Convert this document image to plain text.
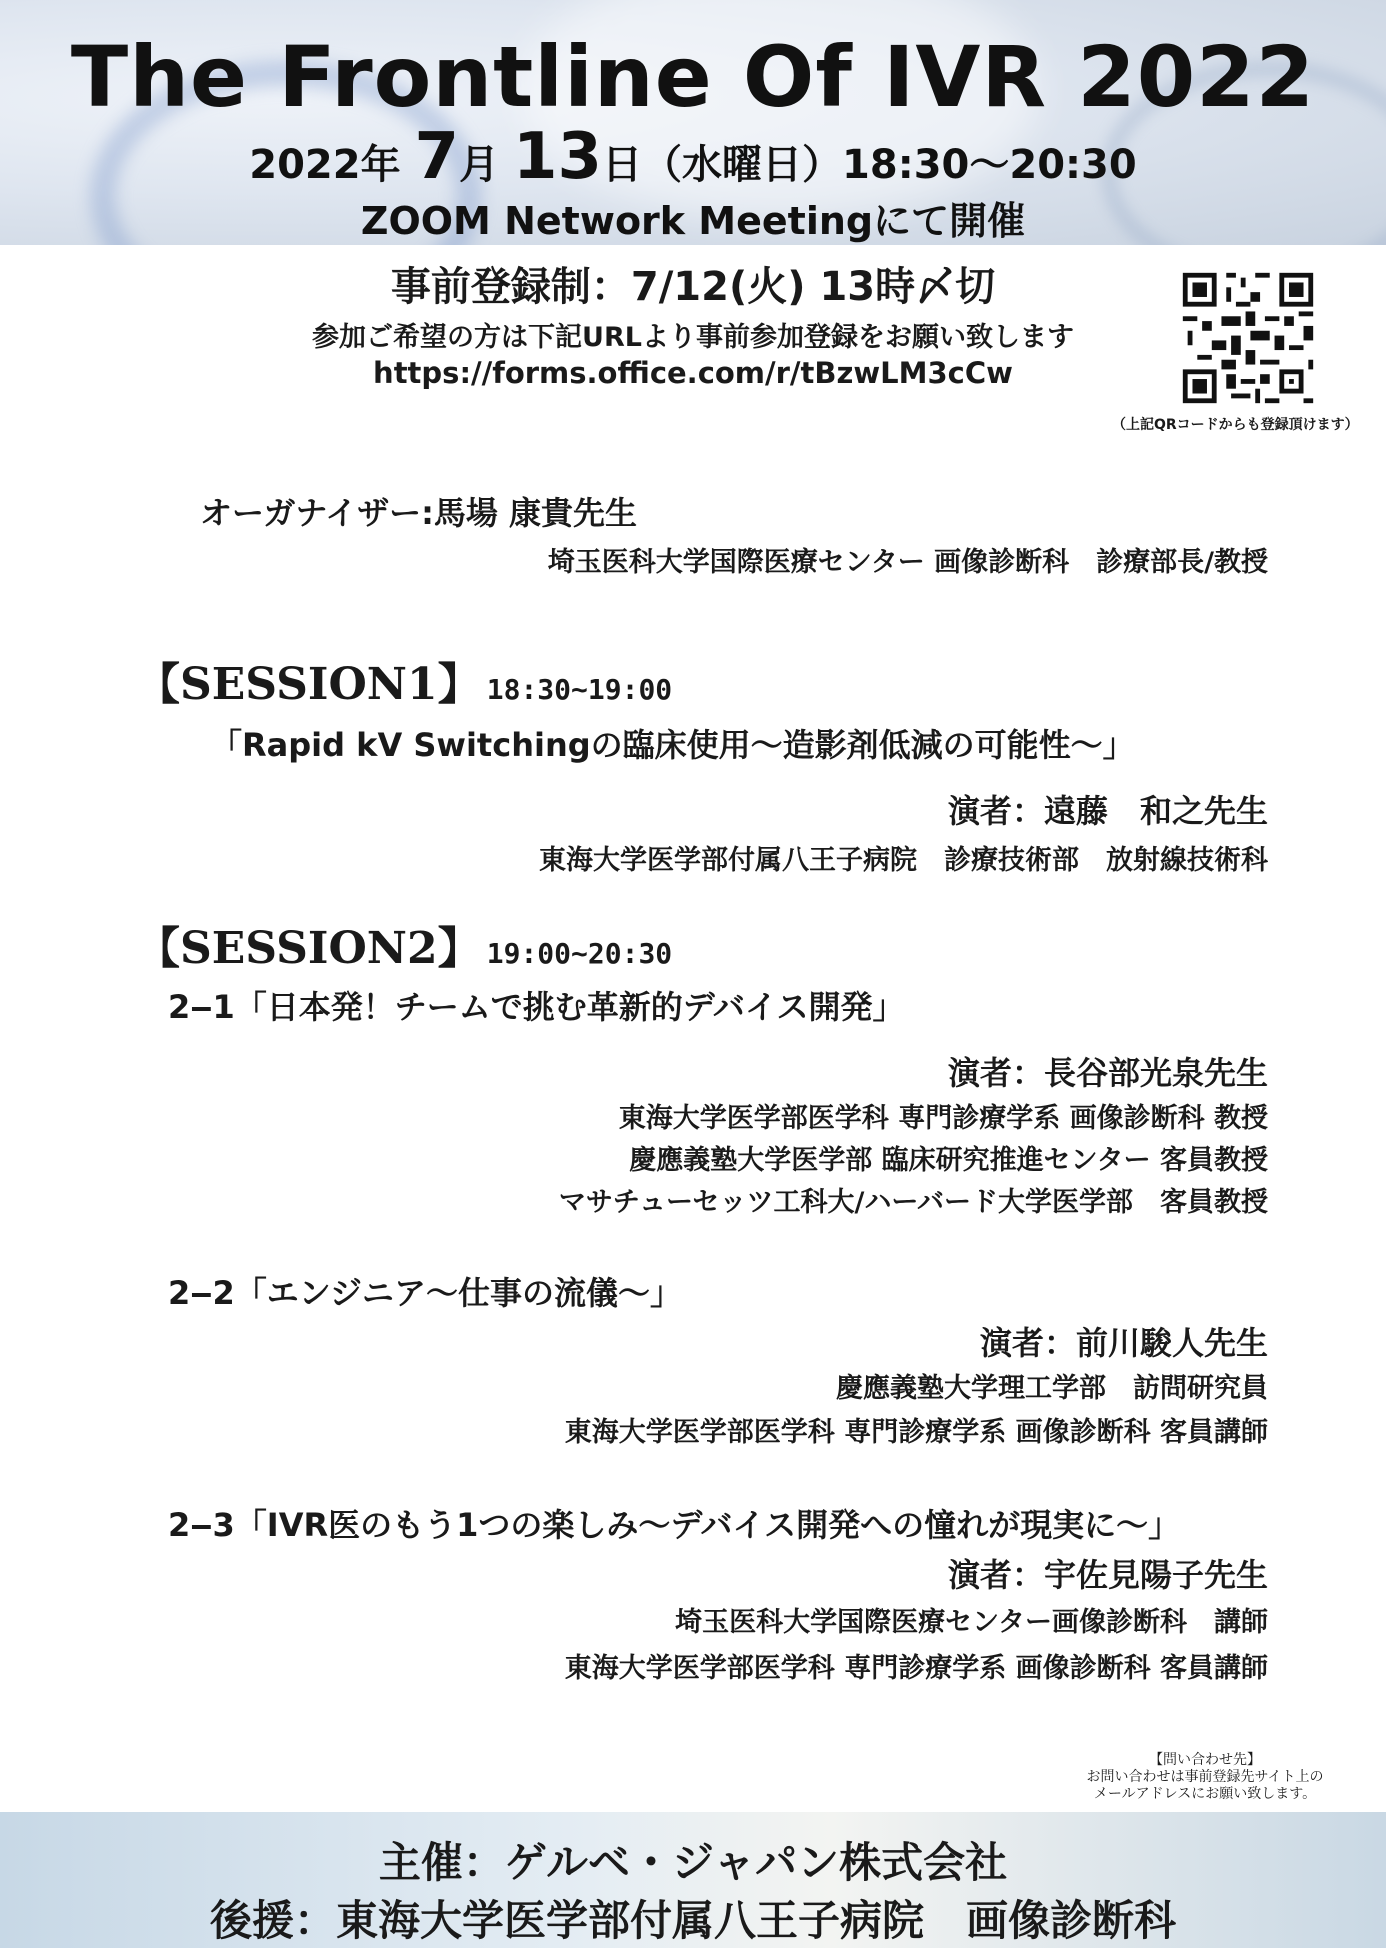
The Frontline Of IVR 2022
2022年 7月 13日（水曜日）18:30〜20:30
ZOOM Network Meetingにて開催
事前登録制：7/12(火) 13時〆切
参加ご希望の方は下記URLより事前参加登録をお願い致します
https://forms.office.com/r/tBzwLM3cCw
（上記QRコードからも登録頂けます）
オーガナイザー:馬場 康貴先生
埼玉医科大学国際医療センター 画像診断科　診療部長/教授
【SESSION1】 18:30~19:00
「Rapid kV Switchingの臨床使用〜造影剤低減の可能性〜」
演者：遠藤　和之先生
東海大学医学部付属八王子病院　診療技術部　放射線技術科
【SESSION2】 19:00~20:30
2‒1「日本発！チームで挑む革新的デバイス開発」
演者：長谷部光泉先生
東海大学医学部医学科 専門診療学系 画像診断科 教授
慶應義塾大学医学部 臨床研究推進センター 客員教授
マサチューセッツ工科大/ハーバード大学医学部　客員教授
2‒2「エンジニア〜仕事の流儀〜」
演者：前川駿人先生
慶應義塾大学理工学部　訪問研究員
東海大学医学部医学科 専門診療学系 画像診断科 客員講師
2‒3「IVR医のもう1つの楽しみ〜デバイス開発への憧れが現実に〜」
演者：宇佐見陽子先生
埼玉医科大学国際医療センター画像診断科　講師
東海大学医学部医学科 専門診療学系 画像診断科 客員講師
【問い合わせ先】
お問い合わせは事前登録先サイト上の
メールアドレスにお願い致します。
主催：ゲルベ・ジャパン株式会社
後援：東海大学医学部付属八王子病院　画像診断科
